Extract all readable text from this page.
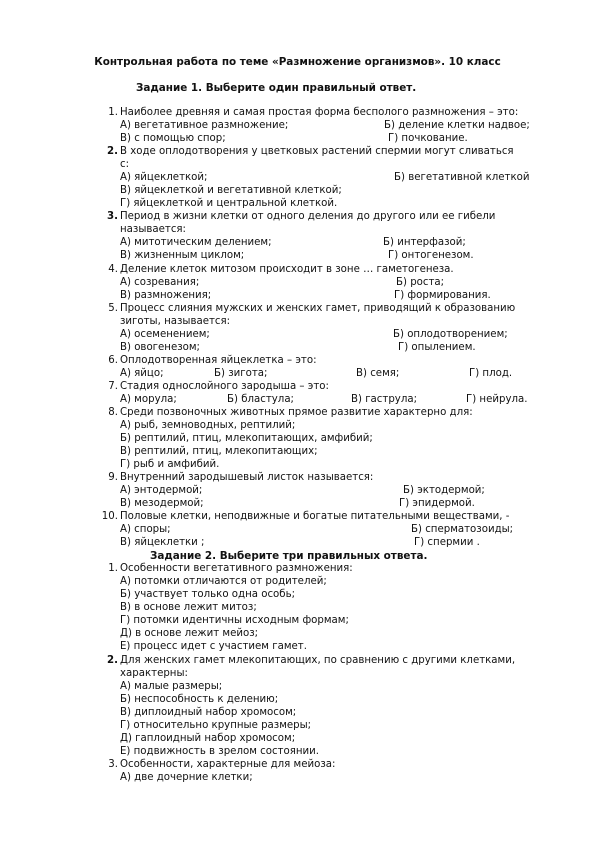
Контрольная работа по теме «Размножение организмов». 10 класс
Задание 1. Выберите один правильный ответ.
1. Наиболее древняя и самая простая форма бесполого размножения – это:
А) вегетативное размножение;	Б) деление клетки надвое;
В) с помощью спор;	Г) почкование.
2. В ходе оплодотворения у цветковых растений спермии могут сливаться
с:
А) яйцеклеткой;	Б) вегетативной клеткой
В) яйцеклеткой и вегетативной клеткой;
Г) яйцеклеткой и центральной клеткой.
3. Период в жизни клетки от одного деления до другого или ее гибели
называется:
А) митотическим делением;	Б) интерфазой;
В) жизненным циклом;	Г) онтогенезом.
4. Деление клеток митозом происходит в зоне … гаметогенеза.
А) созревания;	Б) роста;
В) размножения;	Г) формирования.
5. Процесс слияния мужских и женских гамет, приводящий к образованию
зиготы, называется:
А) осеменением;	Б) оплодотворением;
В) овогенезом;	Г) опылением.
6. Оплодотворенная яйцеклетка – это:
А) яйцо;	Б) зигота;	В) семя;	Г) плод.
7. Стадия однослойного зародыша – это:
А) морула;	Б) бластула;	В) гаструла;	Г) нейрула.
8. Среди позвоночных животных прямое развитие характерно для:
А) рыб, земноводных, рептилий;
Б) рептилий, птиц, млекопитающих, амфибий;
В) рептилий, птиц, млекопитающих;
Г) рыб и амфибий.
9. Внутренний зародышевый листок называется:
А) энтодермой;	Б) эктодермой;
В) мезодермой;	Г) эпидермой.
10. Половые клетки, неподвижные и богатые питательными веществами, -
А) споры;	Б) сперматозоиды;
В) яйцеклетки ;	Г) спермии .
Задание 2. Выберите три правильных ответа.
1. Особенности вегетативного размножения:
А) потомки отличаются от родителей;
Б) участвует только одна особь;
В) в основе лежит митоз;
Г) потомки идентичны исходным формам;
Д) в основе лежит мейоз;
Е) процесс идет с участием гамет.
2. Для женских гамет млекопитающих, по сравнению с другими клетками,
характерны:
А) малые размеры;
Б) неспособность к делению;
В) диплоидный набор хромосом;
Г) относительно крупные размеры;
Д) гаплоидный набор хромосом;
Е) подвижность в зрелом состоянии.
3. Особенности, характерные для мейоза:
А) две дочерние клетки;
